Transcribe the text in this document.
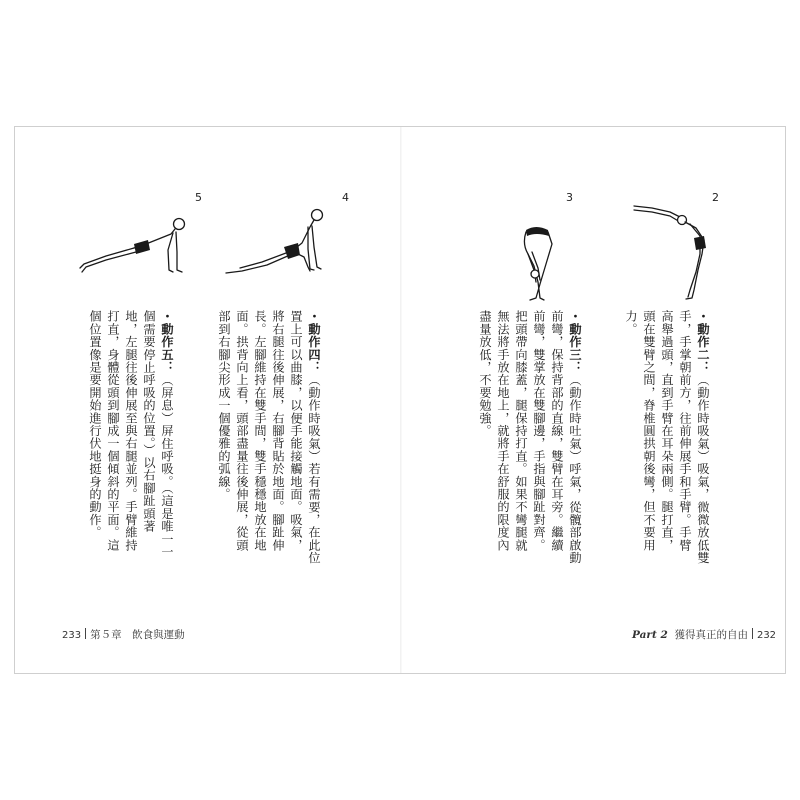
5	4	3	2
・動作五：（屏息）屏住呼吸。（這是唯一一
個需要停止呼吸的位置。）以右腳趾頭著
地，左腿往後伸展至與右腿並列。手臂維持
打直，身體從頭到腳成一個傾斜的平面。這
個位置像是要開始進行伏地挺身的動作。	・動作四：（動作時吸氣）若有需要，在此位
置上可以曲膝，以便手能接觸地面。吸氣，
將右腿往後伸展，右腳背貼於地面。腳趾伸
長。左腳維持在雙手間，雙手穩穩地放在地
面。拱背向上看，頭部盡量往後伸展，從頭
部到右腳尖形成一個優雅的弧線。	・動作三：（動作時吐氣）呼氣，從髖部啟動
前彎，保持背部的直線，雙臂在耳旁。繼續
前彎，雙掌放在雙腳邊，手指與腳趾對齊。
把頭帶向膝蓋，腿保持打直。如果不彎腿就
無法將手放在地上，就將手在舒服的限度內
盡量放低，不要勉強。	・動作二：（動作時吸氣）吸氣，微微放低雙
手，手掌朝前方，往前伸展手和手臂。手臂
高舉過頭，直到手臂在耳朵兩側。腿打直，
頭在雙臂之間，脊椎圓拱朝後彎，但不要用
力。
233 第５章　飲食與運動	Part 2 獲得真正的自由 232
